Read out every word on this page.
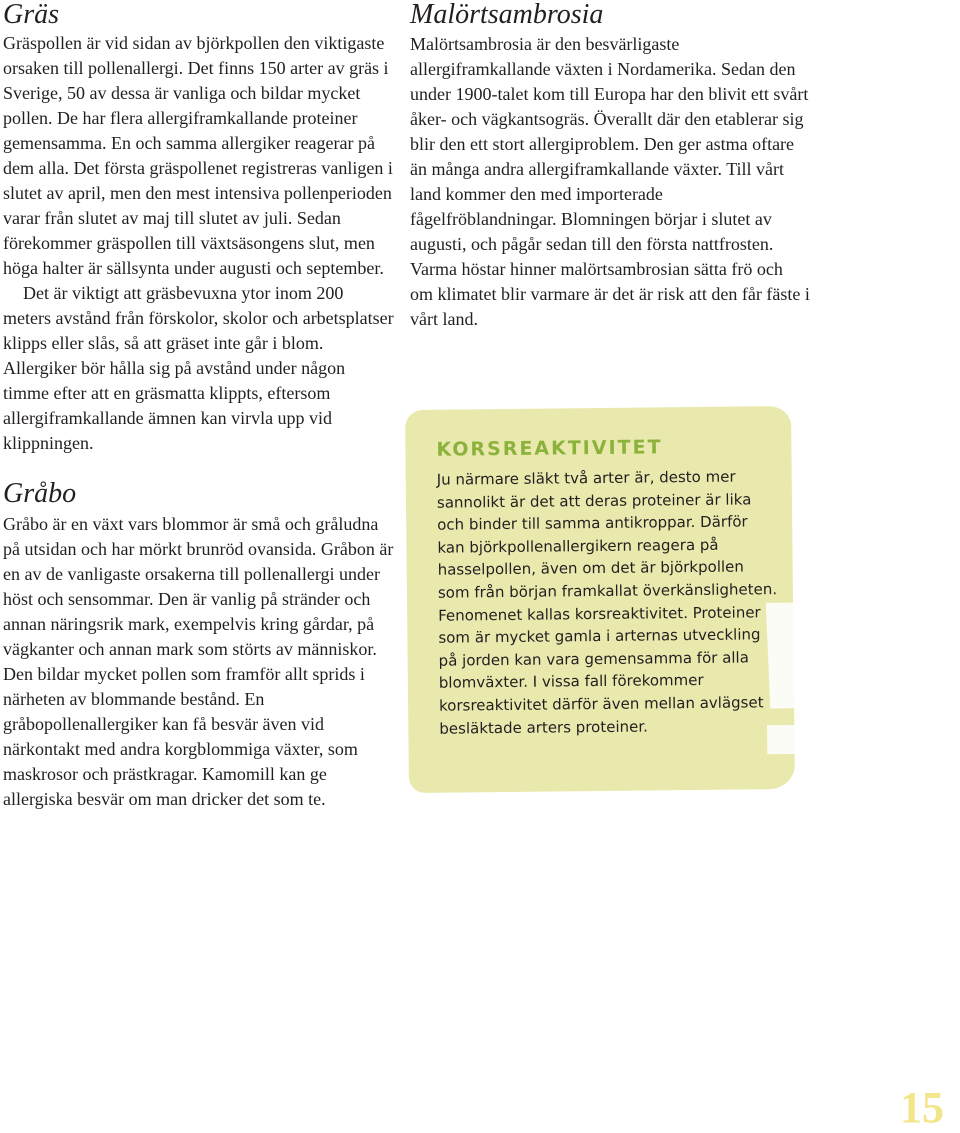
Gräs

Gräspollen är vid sidan av björkpollen den viktigaste orsaken till pollenallergi. Det finns 150 arter av gräs i Sverige, 50 av dessa är vanliga och bildar mycket pollen. De har flera allergiframkallande proteiner gemensamma. En och samma allergiker reagerar på dem alla. Det första gräspollenet registreras vanligen i slutet av april, men den mest intensiva pollenperioden varar från slutet av maj till slutet av juli. Sedan förekommer gräspollen till växtsäsongens slut, men höga halter är sällsynta under augusti och september.

Det är viktigt att gräsbevuxna ytor inom 200 meters avstånd från förskolor, skolor och arbetsplatser klipps eller slås, så att gräset inte går i blom. Allergiker bör hålla sig på avstånd under någon timme efter att en gräsmatta klippts, eftersom allergiframkallande ämnen kan virvla upp vid klippningen.

Gråbo

Gråbo är en växt vars blommor är små och gråludna på utsidan och har mörkt brunröd ovansida. Gråbon är en av de vanligaste orsakerna till pollenallergi under höst och sensommar. Den är vanlig på stränder och annan näringsrik mark, exempelvis kring gårdar, på vägkanter och annan mark som störts av människor. Den bildar mycket pollen som framför allt sprids i närheten av blommande bestånd. En gråbopollenallergiker kan få besvär även vid närkontakt med andra korgblommiga växter, som maskrosor och prästkragar. Kamomill kan ge allergiska besvär om man dricker det som te.

Malörtsambrosia

Malörtsambrosia är den besvärligaste allergiframkallande växten i Nordamerika. Sedan den under 1900-talet kom till Europa har den blivit ett svårt åker- och vägkantsogräs. Överallt där den etablerar sig blir den ett stort allergiproblem. Den ger astma oftare än många andra allergiframkallande växter. Till vårt land kommer den med importerade fågelfröblandningar. Blomningen börjar i slutet av augusti, och pågår sedan till den första nattfrosten. Varma höstar hinner malörtsambrosian sätta frö och om klimatet blir varmare är det är risk att den får fäste i vårt land.

!
KORSREAKTIVITET

Ju närmare släkt två arter är, desto mer sannolikt är det att deras proteiner är lika och binder till samma antikroppar. Därför kan björkpollenallergikern reagera på hasselpollen, även om det är björkpollen som från början framkallat överkänsligheten. Fenomenet kallas korsreaktivitet. Proteiner som är mycket gamla i arternas utveckling på jorden kan vara gemensamma för alla blomväxter. I vissa fall förekommer korsreaktivitet därför även mellan avlägset besläktade arters proteiner.

15
